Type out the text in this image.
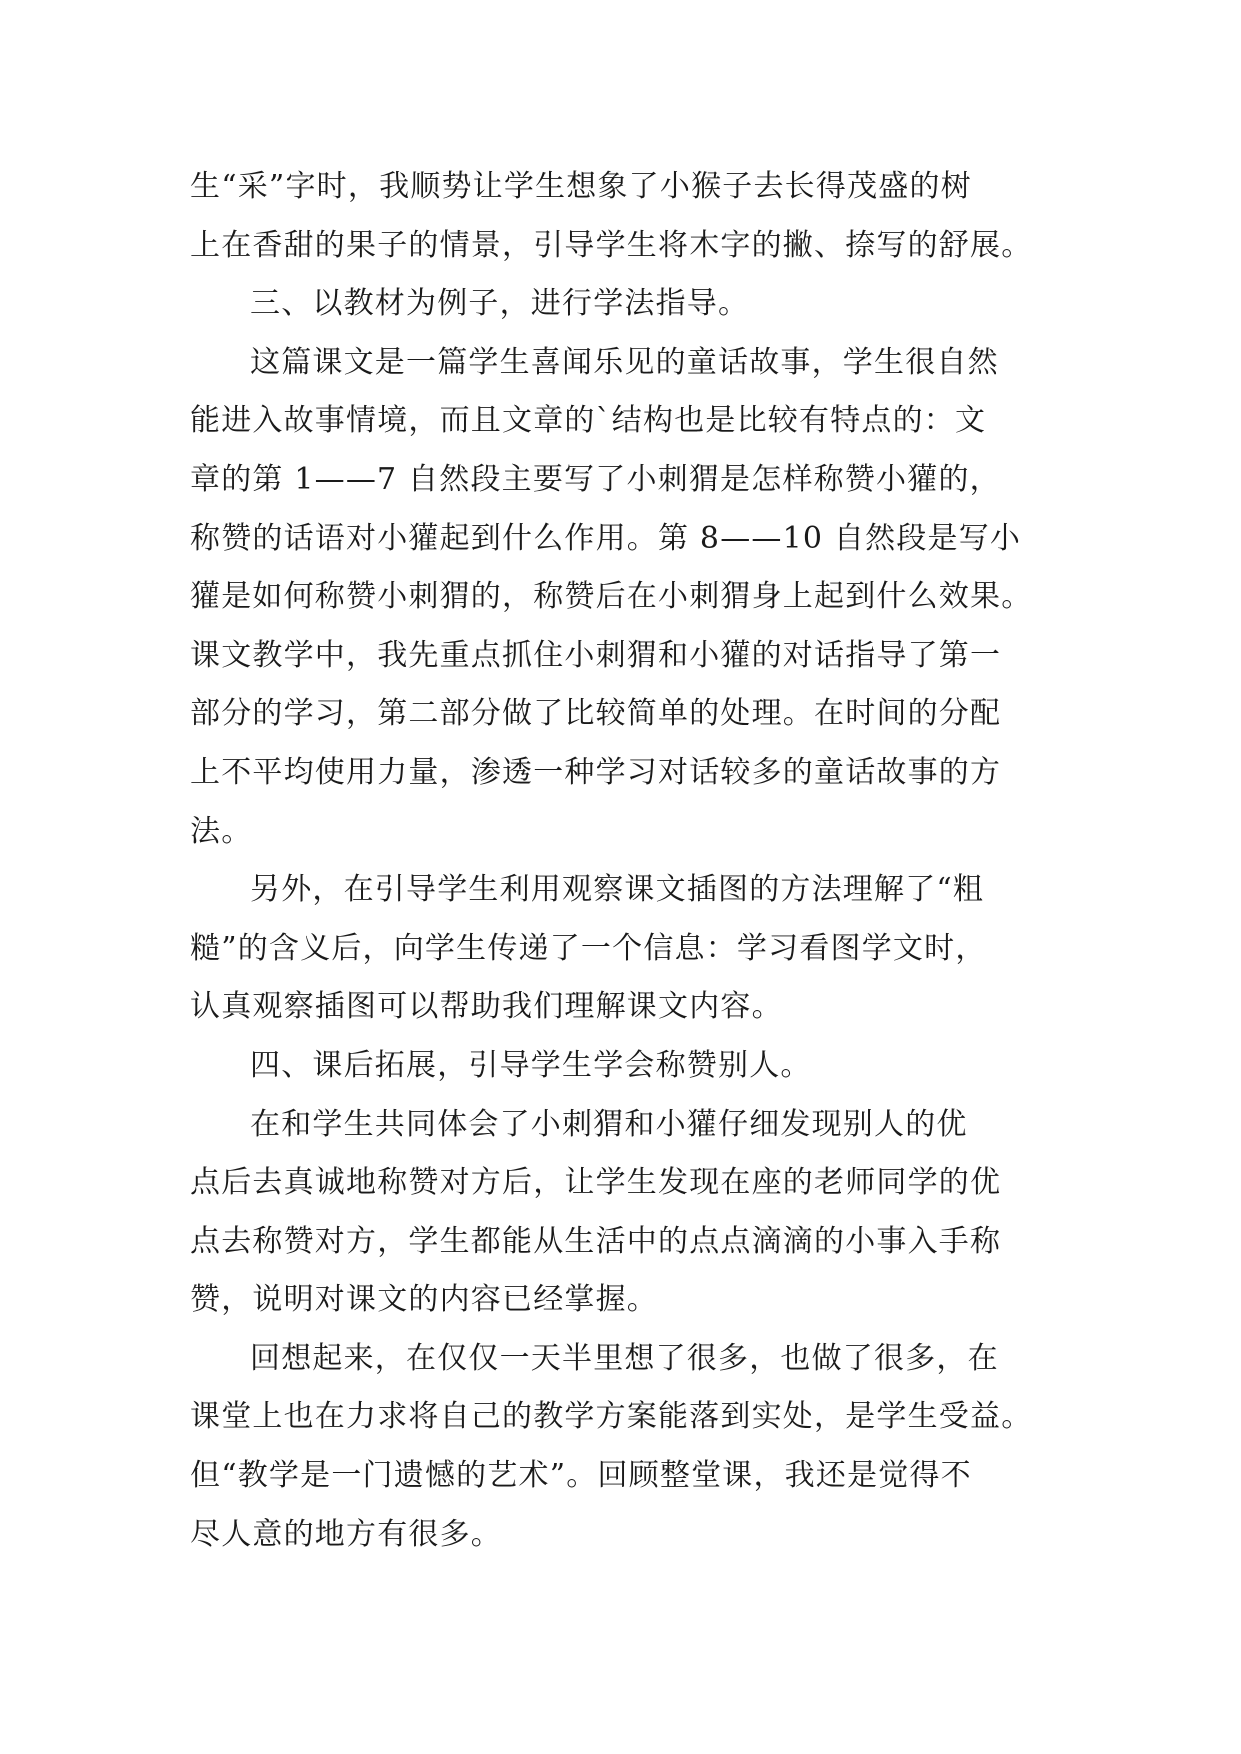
生“采”字时，我顺势让学生想象了小猴子去长得茂盛的树
上在香甜的果子的情景，引导学生将木字的撇、捺写的舒展。
三、以教材为例子，进行学法指导。
这篇课文是一篇学生喜闻乐见的童话故事，学生很自然
能进入故事情境，而且文章的`结构也是比较有特点的：文
章的第 1——7 自然段主要写了小刺猬是怎样称赞小獾的，
称赞的话语对小獾起到什么作用。第 8——10 自然段是写小
獾是如何称赞小刺猬的，称赞后在小刺猬身上起到什么效果。
课文教学中，我先重点抓住小刺猬和小獾的对话指导了第一
部分的学习，第二部分做了比较简单的处理。在时间的分配
上不平均使用力量，渗透一种学习对话较多的童话故事的方
法。
另外，在引导学生利用观察课文插图的方法理解了“粗
糙”的含义后，向学生传递了一个信息：学习看图学文时，
认真观察插图可以帮助我们理解课文内容。
四、课后拓展，引导学生学会称赞别人。
在和学生共同体会了小刺猬和小獾仔细发现别人的优
点后去真诚地称赞对方后，让学生发现在座的老师同学的优
点去称赞对方，学生都能从生活中的点点滴滴的小事入手称
赞，说明对课文的内容已经掌握。
回想起来，在仅仅一天半里想了很多，也做了很多，在
课堂上也在力求将自己的教学方案能落到实处，是学生受益。
但“教学是一门遗憾的艺术”。回顾整堂课，我还是觉得不
尽人意的地方有很多。
